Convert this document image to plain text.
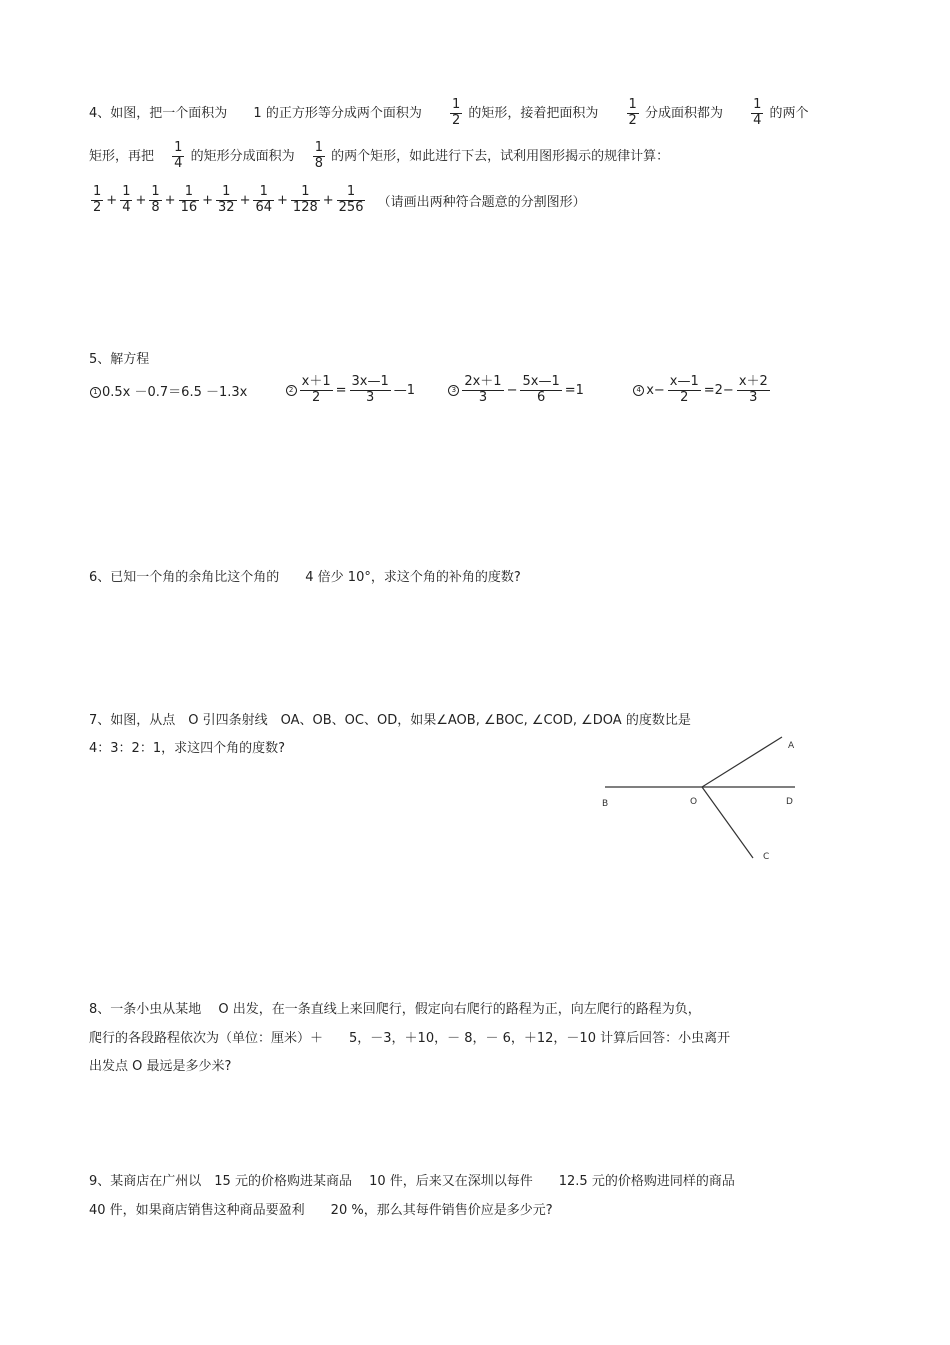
4、如图，把一个面积为 1 的正方形等分成两个面积为 $\frac{1}{2}$ 的矩形，接着把面积为 $\frac{1}{2}$ 分成面积都为 $\frac{1}{4}$ 的两个
矩形，再把 $\frac{1}{4}$ 的矩形分成面积为 $\frac{1}{8}$ 的两个矩形，如此进行下去，试利用图形揭示的规律计算：
$\frac{1}{2} + \frac{1}{4} + \frac{1}{8} + \frac{1}{16} + \frac{1}{32} + \frac{1}{64} + \frac{1}{128} + \frac{1}{256}$ （请画出两种符合题意的分割图形）
5、解方程
1 0.5x －0.7＝6.5 －1.3x	$2 \frac{x+1}{2} = \frac{3x—1}{3}$ —1	$3 \frac{2x+1}{3} - \frac{5x—1}{6} =1$	4 $x- \frac{x—1}{2} =2- \frac{x+2}{3}$
6、已知一个角的余角比这个角的　　4 倍少 10°，求这个角的补角的度数?
7、如图，从点　O 引四条射线　OA、OB、OC、OD，如果∠AOB, ∠BOC, ∠COD, ∠DOA 的度数比是
4：3：2：1，求这四个角的度数?	A
B	O	D
C
8、一条小虫从某地　 O 出发，在一条直线上来回爬行，假定向右爬行的路程为正，向左爬行的路程为负，
爬行的各段路程依次为（单位：厘米）＋　　5，－3，＋10，－ 8，－ 6，＋12，－10 计算后回答：小虫离开
出发点 O 最远是多少米?
9、某商店在广州以　15 元的价格购进某商品　 10 件，后来又在深圳以每件　　12.5 元的价格购进同样的商品
40 件，如果商店销售这种商品要盈利　　20 %，那么其每件销售价应是多少元?
